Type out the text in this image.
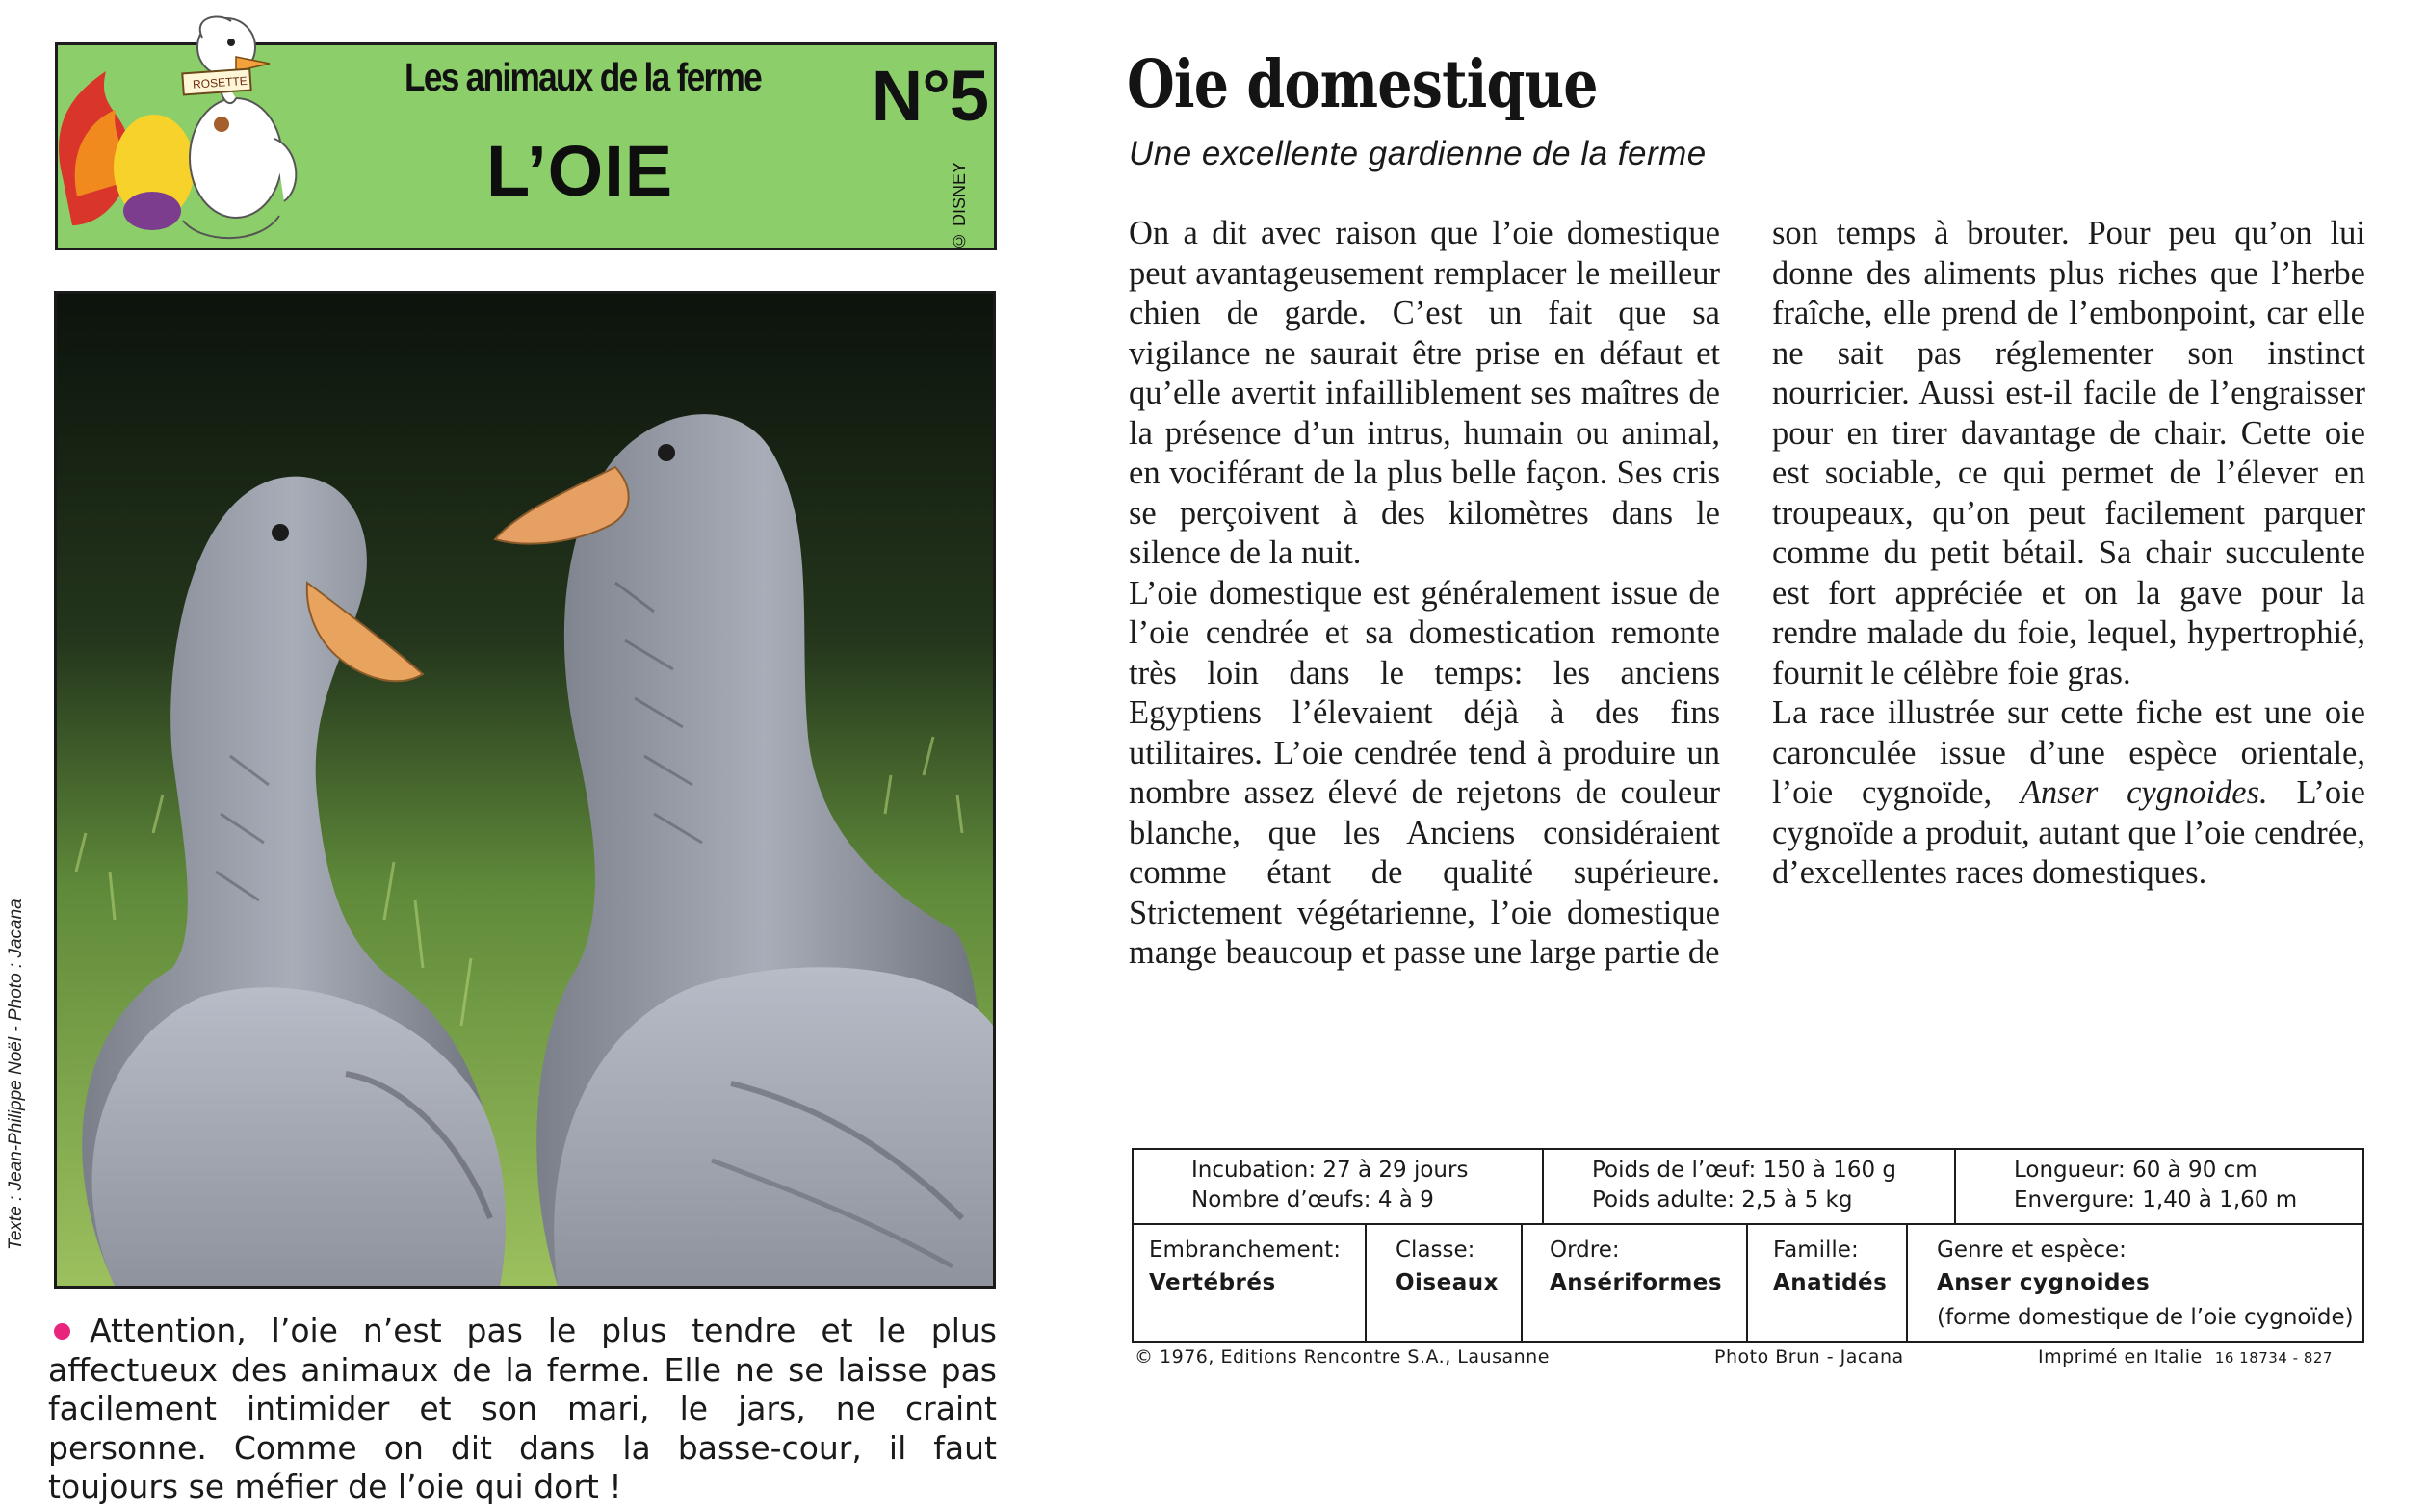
Les animaux de la ferme N°5
L’OIE	© DISNEY
ROSETTE
Texte : Jean-Philippe Noël - Photo : Jacana
Attention, l’oie n’est pas le plus tendre et le plus affectueux des animaux de la ferme. Elle ne se laisse pas facilement intimider et son mari, le jars, ne craint personne. Comme on dit dans la basse-cour, il faut toujours se méfier de l’oie qui dort !
Oie domestique
Une excellente gardienne de la ferme

On a dit avec raison que l’oie domestique peut avantageusement remplacer le meilleur chien de garde. C’est un fait que sa vigilance ne saurait être prise en défaut et qu’elle avertit infailliblement ses maîtres de la présence d’un intrus, humain ou animal, en vociférant de la plus belle façon. Ses cris se perçoivent à des kilomètres dans le silence de la nuit.

L’oie domestique est généralement issue de l’oie cendrée et sa domestication remonte très loin dans le temps: les anciens Egyptiens l’élevaient déjà à des fins utilitaires. L’oie cendrée tend à produire un nombre assez élevé de rejetons de couleur blanche, que les Anciens considéraient comme étant de qualité supérieure. Strictement végétarienne, l’oie domestique mange beaucoup et passe une large partie de

son temps à brouter. Pour peu qu’on lui donne des aliments plus riches que l’herbe fraîche, elle prend de l’embonpoint, car elle ne sait pas réglementer son instinct nourricier. Aussi est-il facile de l’engraisser pour en tirer davantage de chair. Cette oie est sociable, ce qui permet de l’élever en troupeaux, qu’on peut facilement parquer comme du petit bétail. Sa chair succulente est fort appréciée et on la gave pour la rendre malade du foie, lequel, hypertrophié, fournit le célèbre foie gras.

La race illustrée sur cette fiche est une oie caronculée issue d’une espèce orientale, l’oie cygnoïde, Anser cygnoides. L’oie cygnoïde a produit, autant que l’oie cendrée, d’excellentes races domestiques.

Incubation: 27 à 29 jours
Nombre d’œufs: 4 à 9
Poids de l’œuf: 150 à 160 g
Poids adulte: 2,5 à 5 kg
Longueur: 60 à 90 cm
Envergure: 1,40 à 1,60 m
Embranchement:
Vertébrés
Classe:
Oiseaux
Ordre:
Ansériformes
Famille:
Anatidés
Genre et espèce:
Anser cygnoides
(forme domestique de l’oie cygnoïde)
© 1976, Editions Rencontre S.A., Lausanne	Photo Brun - Jacana	Imprimé en Italie 16 18734 - 827
